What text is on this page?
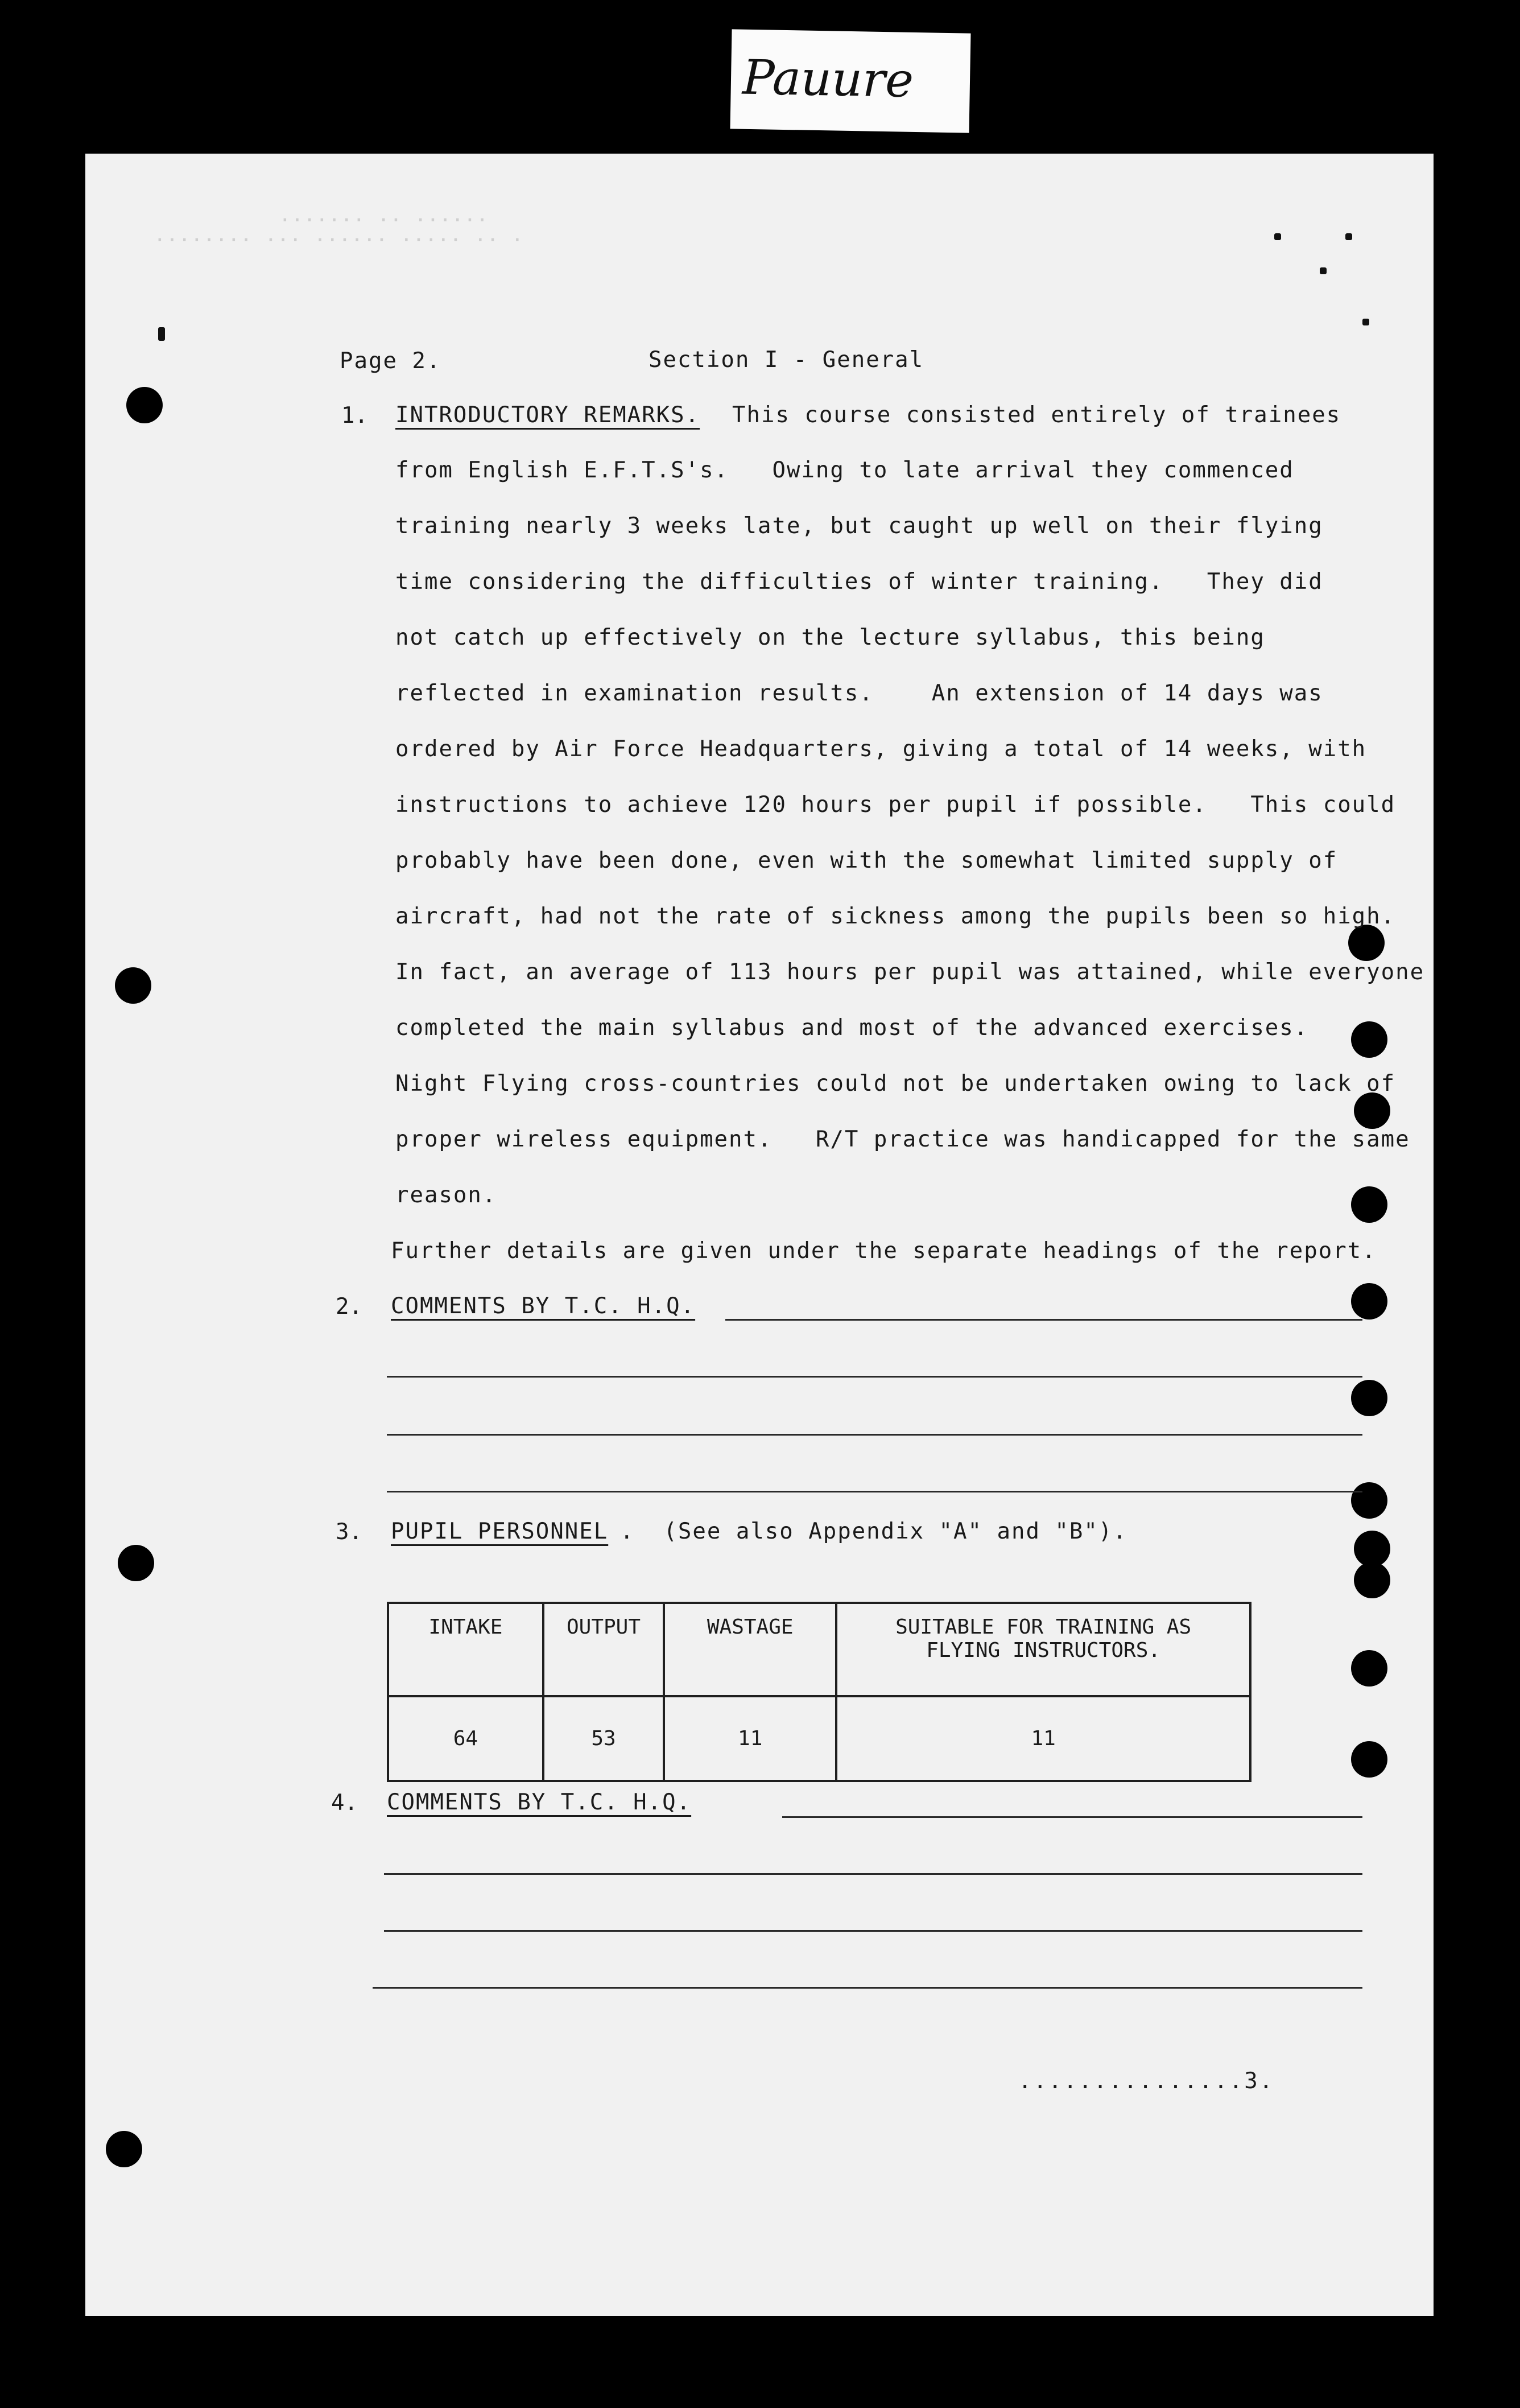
Pauure
....... .. ......
........ ... ...... ..... .. .
Page 2.	Section I - General
1. INTRODUCTORY REMARKS. This course consisted entirely of trainees
from English E.F.T.S's.   Owing to late arrival they commenced
training nearly 3 weeks late, but caught up well on their flying
time considering the difficulties of winter training.   They did
not catch up effectively on the lecture syllabus, this being
reflected in examination results.    An extension of 14 days was
ordered by Air Force Headquarters, giving a total of 14 weeks, with
instructions to achieve 120 hours per pupil if possible.   This could
probably have been done, even with the somewhat limited supply of
aircraft, had not the rate of sickness among the pupils been so high.
In fact, an average of 113 hours per pupil was attained, while everyone
completed the main syllabus and most of the advanced exercises.
Night Flying cross-countries could not be undertaken owing to lack of
proper wireless equipment.   R/T practice was handicapped for the same
reason.
Further details are given under the separate headings of the report.
2. COMMENTS BY T.C. H.Q.
3. PUPIL PERSONNEL .  (See also Appendix "A" and "B").
INTAKE	OUTPUT	WASTAGE	SUITABLE FOR TRAINING AS FLYING INSTRUCTORS.
64	53	11	11
4. COMMENTS BY T.C. H.Q.
...............3.
